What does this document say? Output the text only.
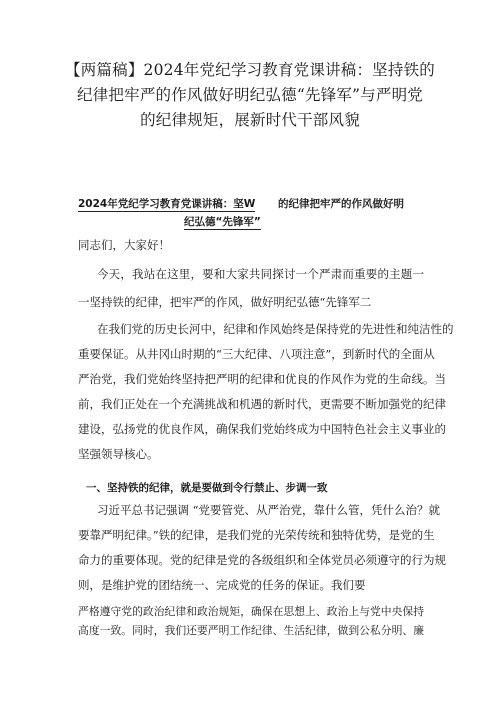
【两篇稿】2024年党纪学习教育党课讲稿：坚持铁的
纪律把牢严的作风做好明纪弘德“先锋军”与严明党
的纪律规矩，展新时代干部风貌
2024年党纪学习教育党课讲稿：坚W 的纪律把牢严的作风做好明
纪弘德“先锋军”
同志们，大家好！
今天，我站在这里，要和大家共同探讨一个严肃而重要的主题一
一坚持铁的纪律，把牢严的作风，做好明纪弘德“先锋军二
在我们党的历史长河中，纪律和作风始终是保持党的先进性和纯洁性的
重要保证。从井冈山时期的“三大纪律、八项注意”，到新时代的全面从
严治党，我们党始终坚持把严明的纪律和优良的作风作为党的生命线。当
前，我们正处在一个充满挑战和机遇的新时代，更需要不断加强党的纪律
建设，弘扬党的优良作风，确保我们党始终成为中国特色社会主义事业的
坚强领导核心。
一、坚持铁的纪律，就是要做到令行禁止、步调一致
习近平总书记强调 “党要管党、从严治党，靠什么管，凭什么治？就
要靠严明纪律。”铁的纪律，是我们党的光荣传统和独特优势，是党的生
命力的重要体现。党的纪律是党的各级组织和全体党员必须遵守的行为规
则，是维护党的团结统一、完成党的任务的保证。我们要
严格遵守党的政治纪律和政治规矩，确保在思想上、政治上与党中央保持
高度一致。同时，我们还要严明工作纪律、生活纪律，做到公私分明、廉
